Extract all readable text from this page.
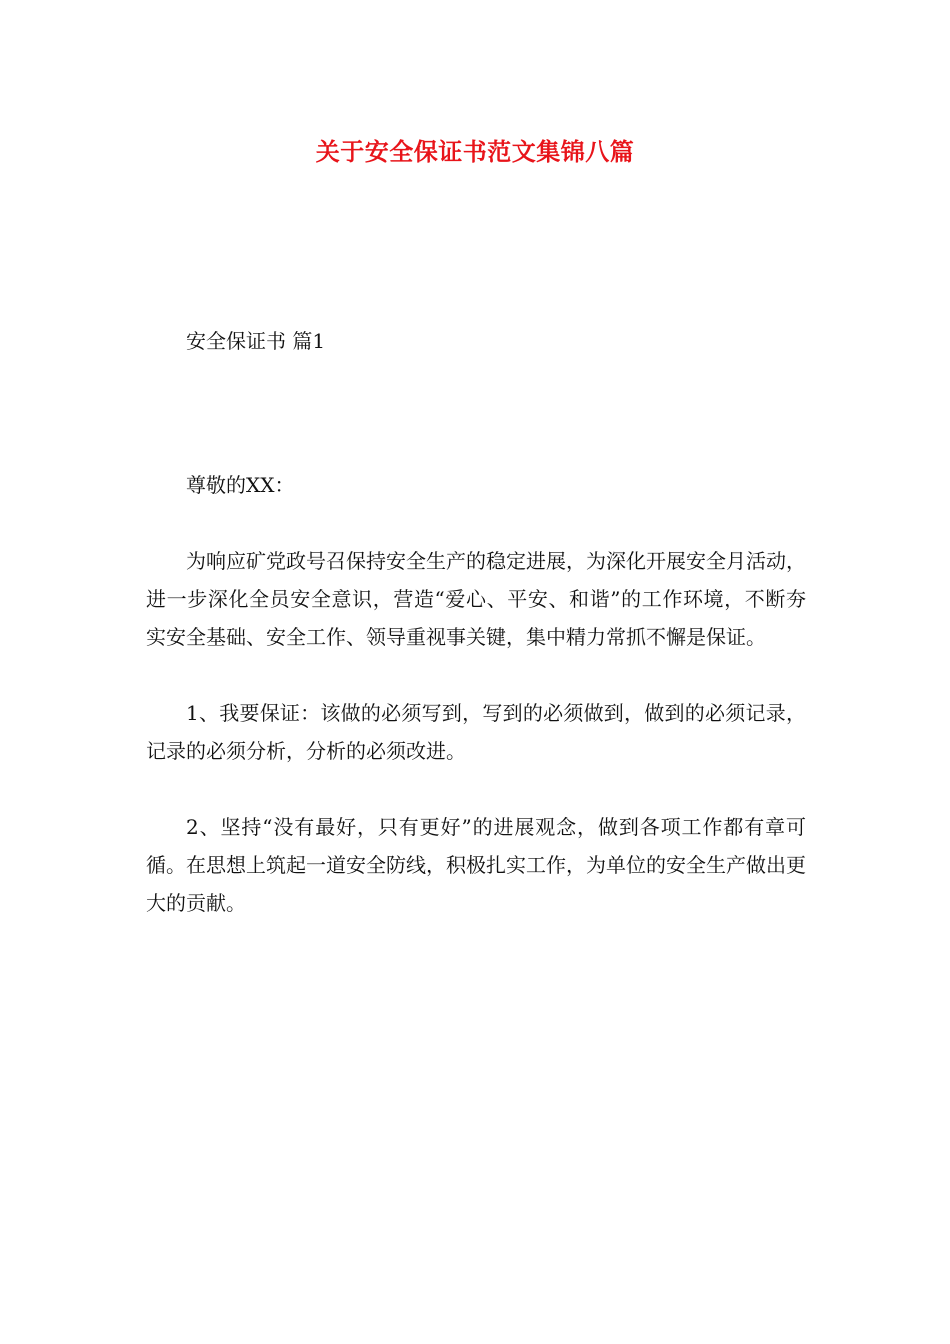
关于安全保证书范文集锦八篇

安全保证书 篇1

尊敬的XX：

为响应矿党政号召保持安全生产的稳定进展，为深化开展安全月活动，进一步深化全员安全意识，营造“爱心、平安、和谐”的工作环境，不断夯实安全基础、安全工作、领导重视事关键，集中精力常抓不懈是保证。

1、我要保证：该做的必须写到，写到的必须做到，做到的必须记录，记录的必须分析，分析的必须改进。

2、坚持“没有最好，只有更好”的进展观念，做到各项工作都有章可循。在思想上筑起一道安全防线，积极扎实工作，为单位的安全生产做出更大的贡献。
